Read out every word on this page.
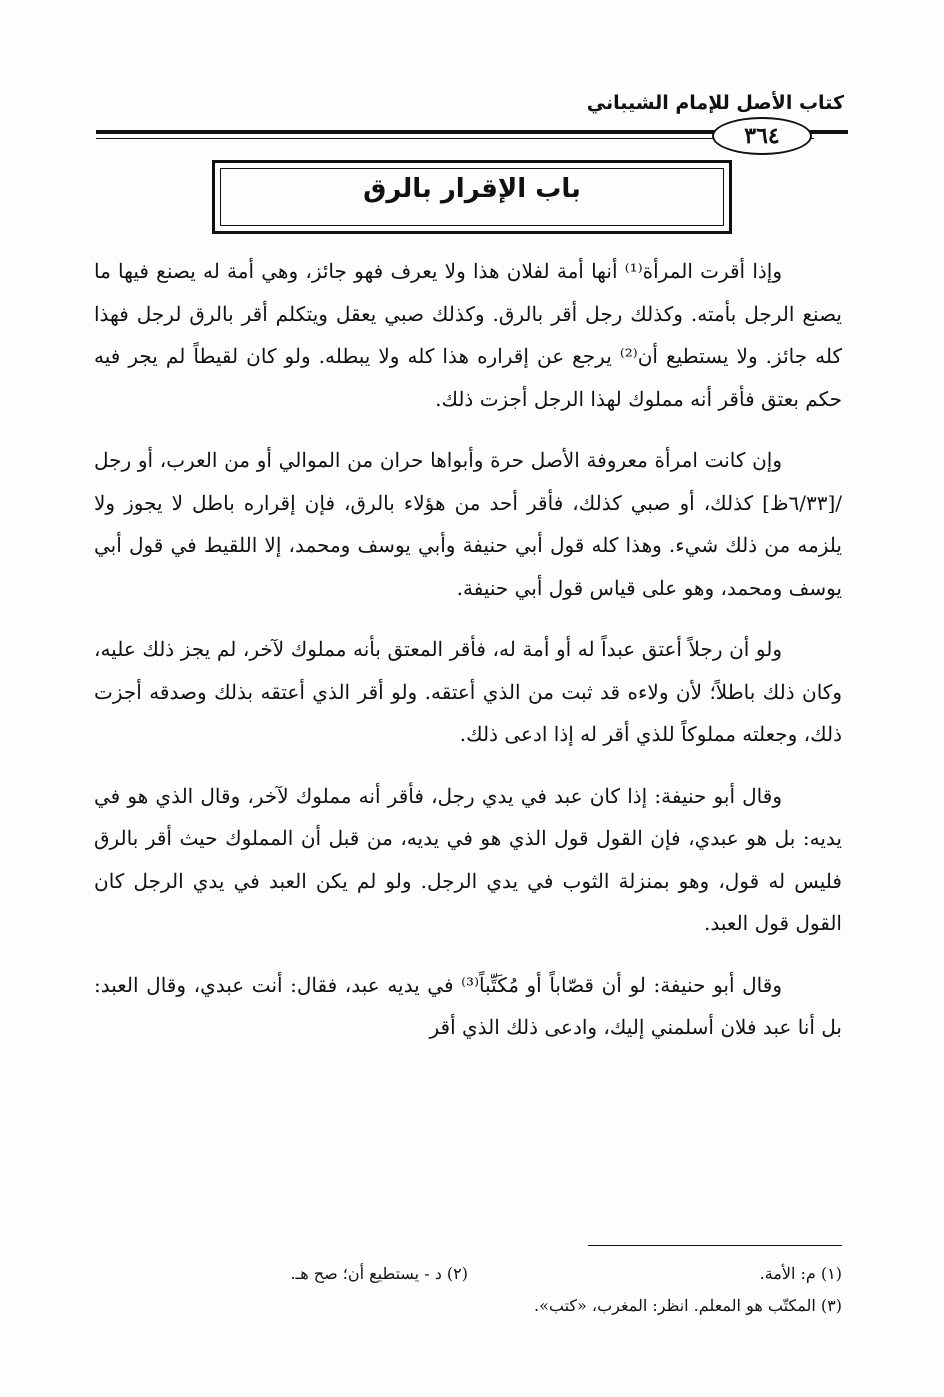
كتاب الأصل للإمام الشيباني
٣٦٤
باب الإقرار بالرق

وإذا أقرت المرأة⁽¹⁾ أنها أمة لفلان هذا ولا يعرف فهو جائز، وهي أمة له يصنع فيها ما يصنع الرجل بأمته. وكذلك رجل أقر بالرق. وكذلك صبي يعقل ويتكلم أقر بالرق لرجل فهذا كله جائز. ولا يستطيع أن⁽²⁾ يرجع عن إقراره هذا كله ولا يبطله. ولو كان لقيطاً لم يجر فيه حكم بعتق فأقر أنه مملوك لهذا الرجل أجزت ذلك.

وإن كانت امرأة معروفة الأصل حرة وأبواها حران من الموالي أو من العرب، أو رجل /[٦/٣٣ظ] كذلك، أو صبي كذلك، فأقر أحد من هؤلاء بالرق، فإن إقراره باطل لا يجوز ولا يلزمه من ذلك شيء. وهذا كله قول أبي حنيفة وأبي يوسف ومحمد، إلا اللقيط في قول أبي يوسف ومحمد، وهو على قياس قول أبي حنيفة.

ولو أن رجلاً أعتق عبداً له أو أمة له، فأقر المعتق بأنه مملوك لآخر، لم يجز ذلك عليه، وكان ذلك باطلاً؛ لأن ولاءه قد ثبت من الذي أعتقه. ولو أقر الذي أعتقه بذلك وصدقه أجزت ذلك، وجعلته مملوكاً للذي أقر له إذا ادعى ذلك.

وقال أبو حنيفة: إذا كان عبد في يدي رجل، فأقر أنه مملوك لآخر، وقال الذي هو في يديه: بل هو عبدي، فإن القول قول الذي هو في يديه، من قبل أن المملوك حيث أقر بالرق فليس له قول، وهو بمنزلة الثوب في يدي الرجل. ولو لم يكن العبد في يدي الرجل كان القول قول العبد.

وقال أبو حنيفة: لو أن قصّاباً أو مُكَتِّباً⁽³⁾ في يديه عبد، فقال: أنت عبدي، وقال العبد: بل أنا عبد فلان أسلمني إليك، وادعى ذلك الذي أقر

(١) م: الأمة.
(٢) د - يستطيع أن؛ صح هـ.
(٣) المكتّب هو المعلم. انظر: المغرب، «كتب».
